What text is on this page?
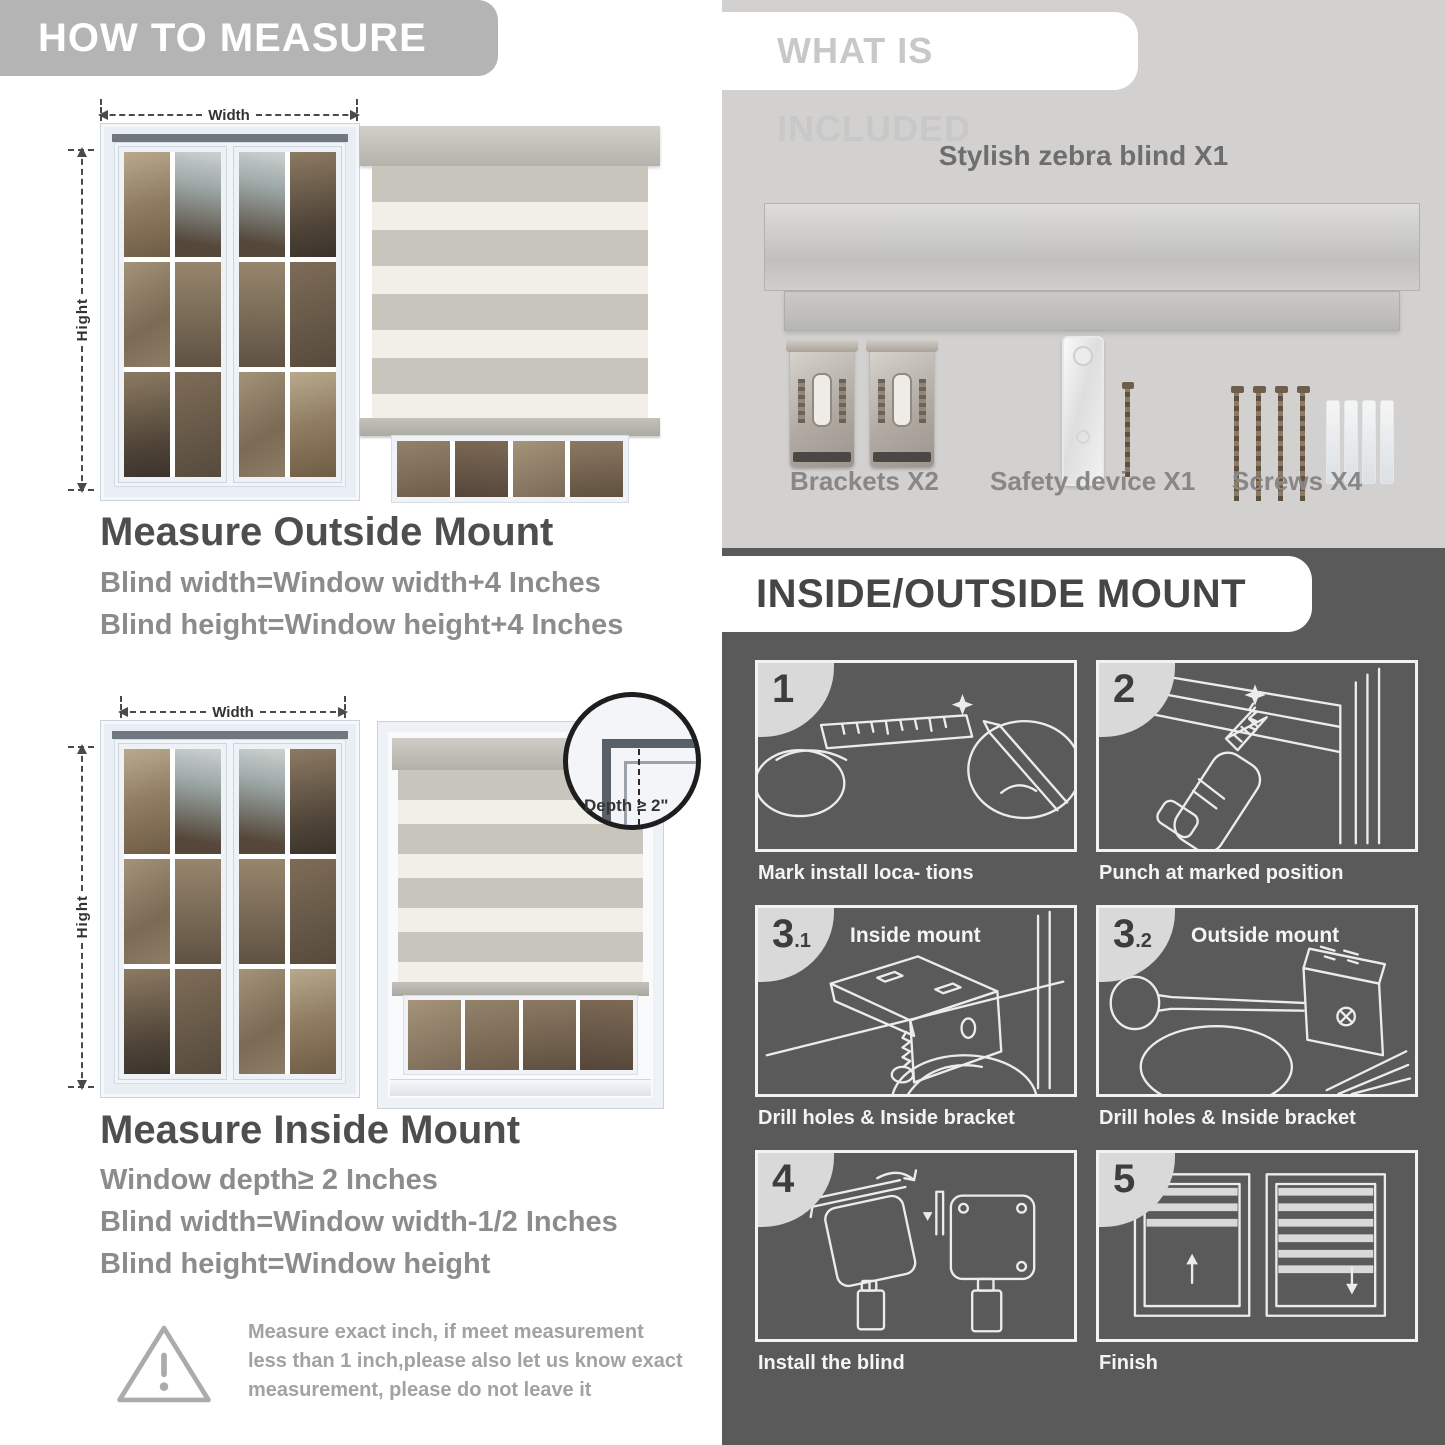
HOW TO MEASURE
Width
Hight
Measure Outside Mount
Blind width=Window width+4 Inches
Blind height=Window height+4 Inches
Width
Hight
Depth ≥ 2"
Measure Inside Mount
Window depth≥ 2 Inches
Blind width=Window width-1/2 Inches
Blind height=Window height
Measure exact inch, if meet measurement less than 1 inch,please also let us know exact measurement, please do not leave it
WHAT IS INCLUDED
Stylish zebra blind X1
Brackets X2 Safety device X1 Screws X4
INSIDE/OUTSIDE MOUNT
1
Mark install loca- tions
2
Punch at marked position
3.1	Inside mount
Drill holes & Inside bracket
3.2	Outside mount
Drill holes & Inside bracket
4
Install the blind
5
Finish
